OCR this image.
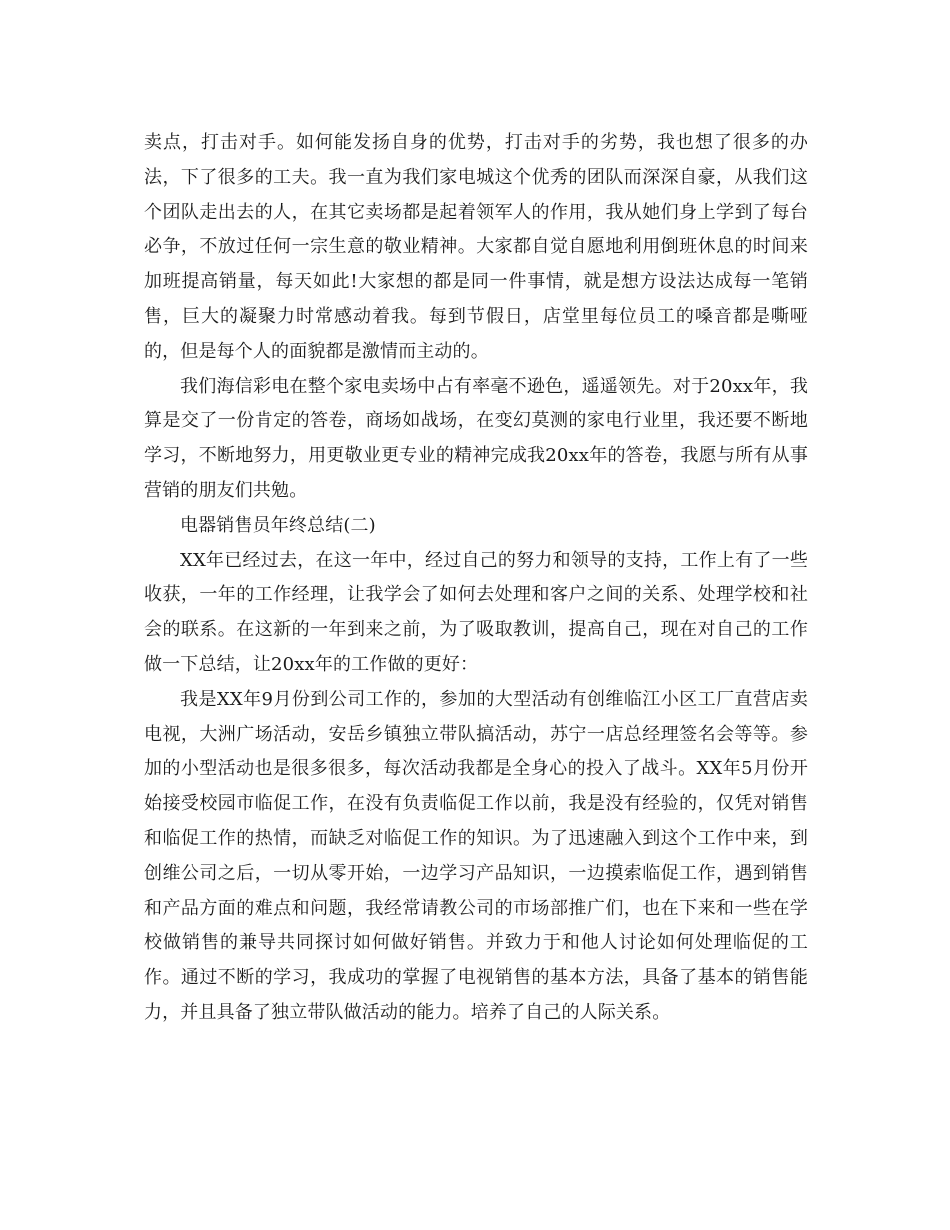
卖点，打击对手。如何能发扬自身的优势，打击对手的劣势，我也想了很多的办法，下了很多的工夫。我一直为我们家电城这个优秀的团队而深深自豪，从我们这个团队走出去的人，在其它卖场都是起着领军人的作用，我从她们身上学到了每台必争，不放过任何一宗生意的敬业精神。大家都自觉自愿地利用倒班休息的时间来加班提高销量，每天如此!大家想的都是同一件事情，就是想方设法达成每一笔销售，巨大的凝聚力时常感动着我。每到节假日，店堂里每位员工的嗓音都是嘶哑的，但是每个人的面貌都是激情而主动的。

我们海信彩电在整个家电卖场中占有率毫不逊色，遥遥领先。对于20xx年，我算是交了一份肯定的答卷，商场如战场，在变幻莫测的家电行业里，我还要不断地学习，不断地努力，用更敬业更专业的精神完成我20xx年的答卷，我愿与所有从事营销的朋友们共勉。

电器销售员年终总结(二)

XX年已经过去，在这一年中，经过自己的努力和领导的支持，工作上有了一些收获，一年的工作经理，让我学会了如何去处理和客户之间的关系、处理学校和社会的联系。在这新的一年到来之前，为了吸取教训，提高自己，现在对自己的工作做一下总结，让20xx年的工作做的更好：

我是XX年9月份到公司工作的，参加的大型活动有创维临江小区工厂直营店卖电视，大洲广场活动，安岳乡镇独立带队搞活动，苏宁一店总经理签名会等等。参加的小型活动也是很多很多，每次活动我都是全身心的投入了战斗。XX年5月份开始接受校园市临促工作，在没有负责临促工作以前，我是没有经验的，仅凭对销售和临促工作的热情，而缺乏对临促工作的知识。为了迅速融入到这个工作中来，到创维公司之后，一切从零开始，一边学习产品知识，一边摸索临促工作，遇到销售和产品方面的难点和问题，我经常请教公司的市场部推广们，也在下来和一些在学校做销售的兼导共同探讨如何做好销售。并致力于和他人讨论如何处理临促的工作。通过不断的学习，我成功的掌握了电视销售的基本方法，具备了基本的销售能力，并且具备了独立带队做活动的能力。培养了自己的人际关系。
